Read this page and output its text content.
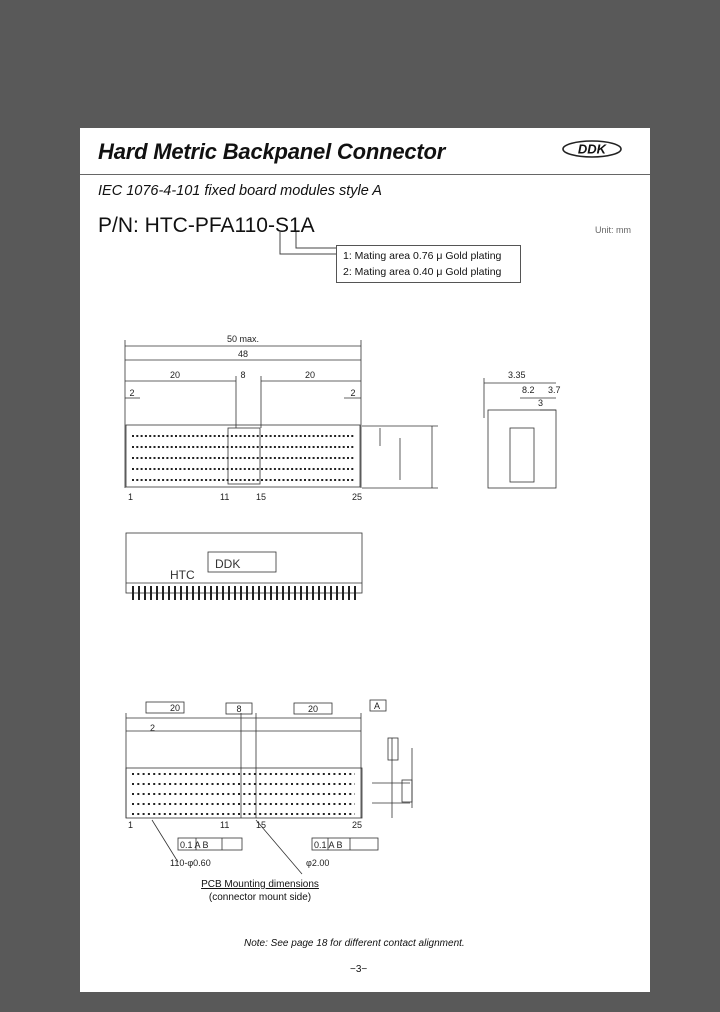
Hard Metric Backpanel Connector	DDK
IEC 1076-4-101 fixed board modules style A
P/N: HTC-PFA110-S1A	Unit: mm
1: Mating area 0.76 μ Gold plating
2: Mating area 0.40 μ Gold plating
50 max.
48
20	8	20
2	2
1	11	15	25
3.35
8.2 3.7
3
20	8	20	A
2
1	11	15	25
0.1 A B	0.1 A B
110-φ0.60	φ2.00
HTC
DDK
PCB Mounting dimensions
(connector mount side)
Note: See page 18 for different contact alignment.
−3−
